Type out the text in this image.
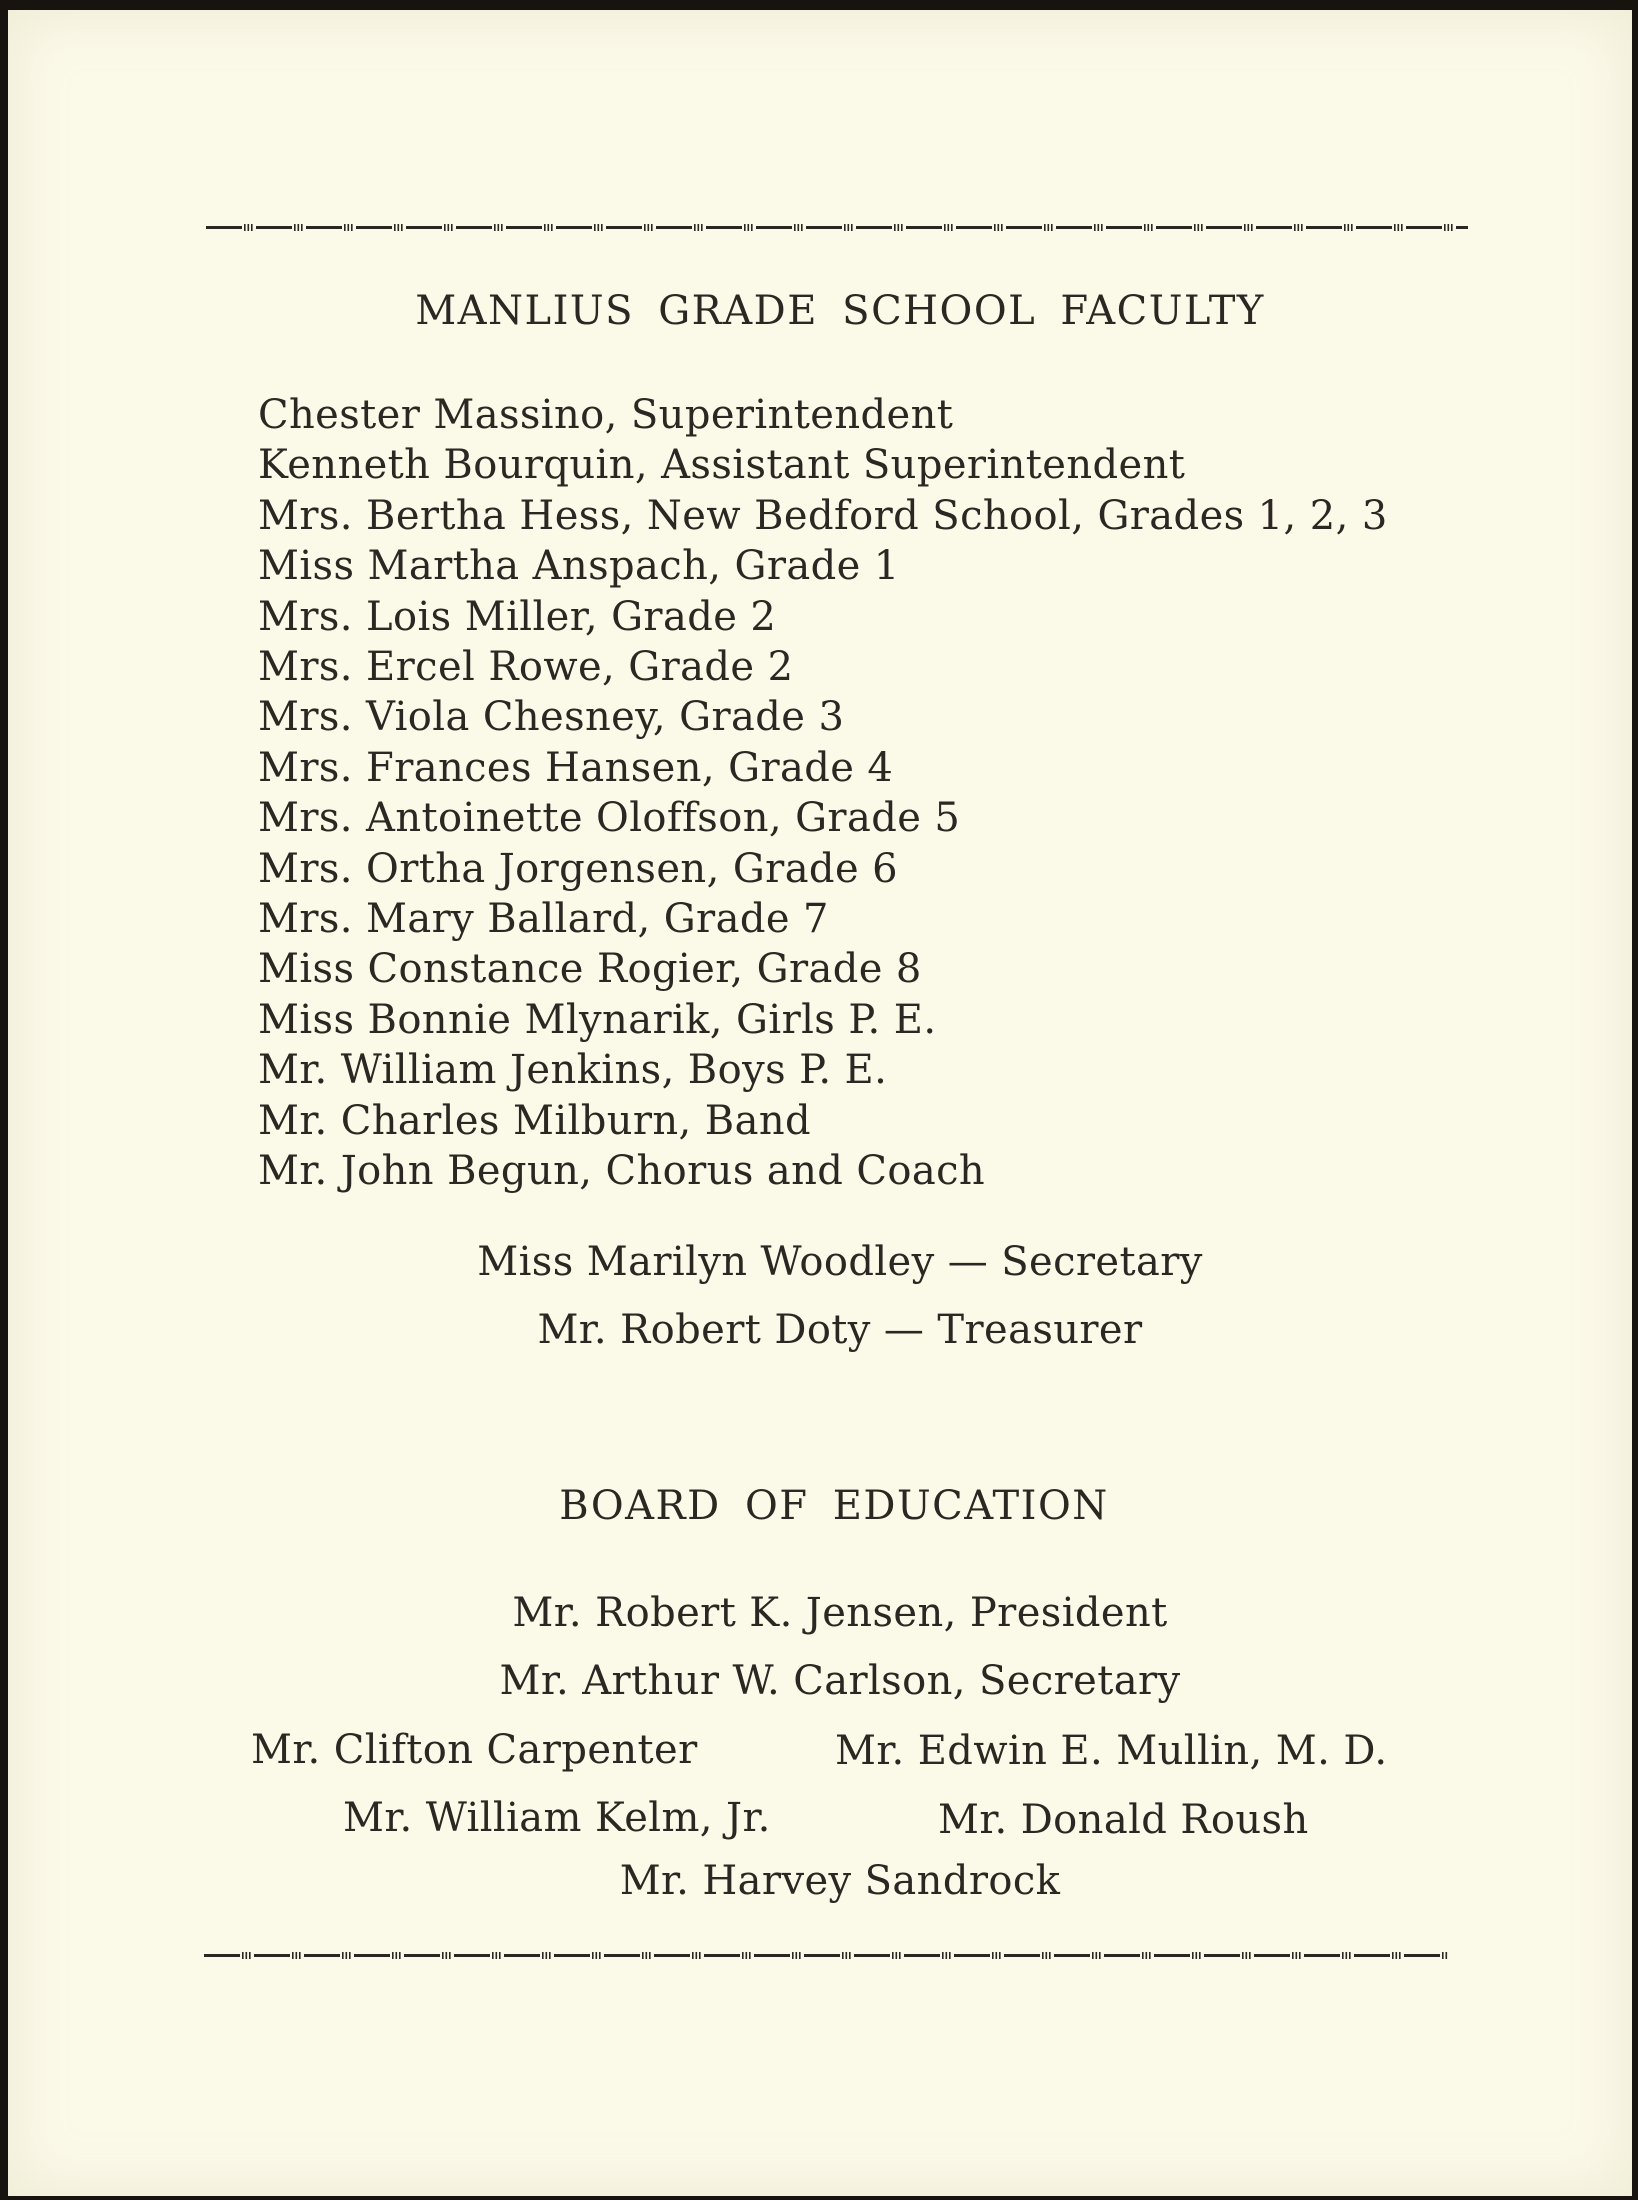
MANLIUS GRADE SCHOOL FACULTY
Chester Massino, Superintendent
Kenneth Bourquin, Assistant Superintendent
Mrs. Bertha Hess, New Bedford School, Grades 1, 2, 3
Miss Martha Anspach, Grade 1
Mrs. Lois Miller, Grade 2
Mrs. Ercel Rowe, Grade 2
Mrs. Viola Chesney, Grade 3
Mrs. Frances Hansen, Grade 4
Mrs. Antoinette Oloffson, Grade 5
Mrs. Ortha Jorgensen, Grade 6
Mrs. Mary Ballard, Grade 7
Miss Constance Rogier, Grade 8
Miss Bonnie Mlynarik, Girls P. E.
Mr. William Jenkins, Boys P. E.
Mr. Charles Milburn, Band
Mr. John Begun, Chorus and Coach
Miss Marilyn Woodley — Secretary
Mr. Robert Doty — Treasurer
BOARD OF EDUCATION
Mr. Robert K. Jensen, President
Mr. Arthur W. Carlson, Secretary
Mr. Clifton Carpenter	Mr. Edwin E. Mullin, M. D.
Mr. William Kelm, Jr.	Mr. Donald Roush
Mr. Harvey Sandrock
